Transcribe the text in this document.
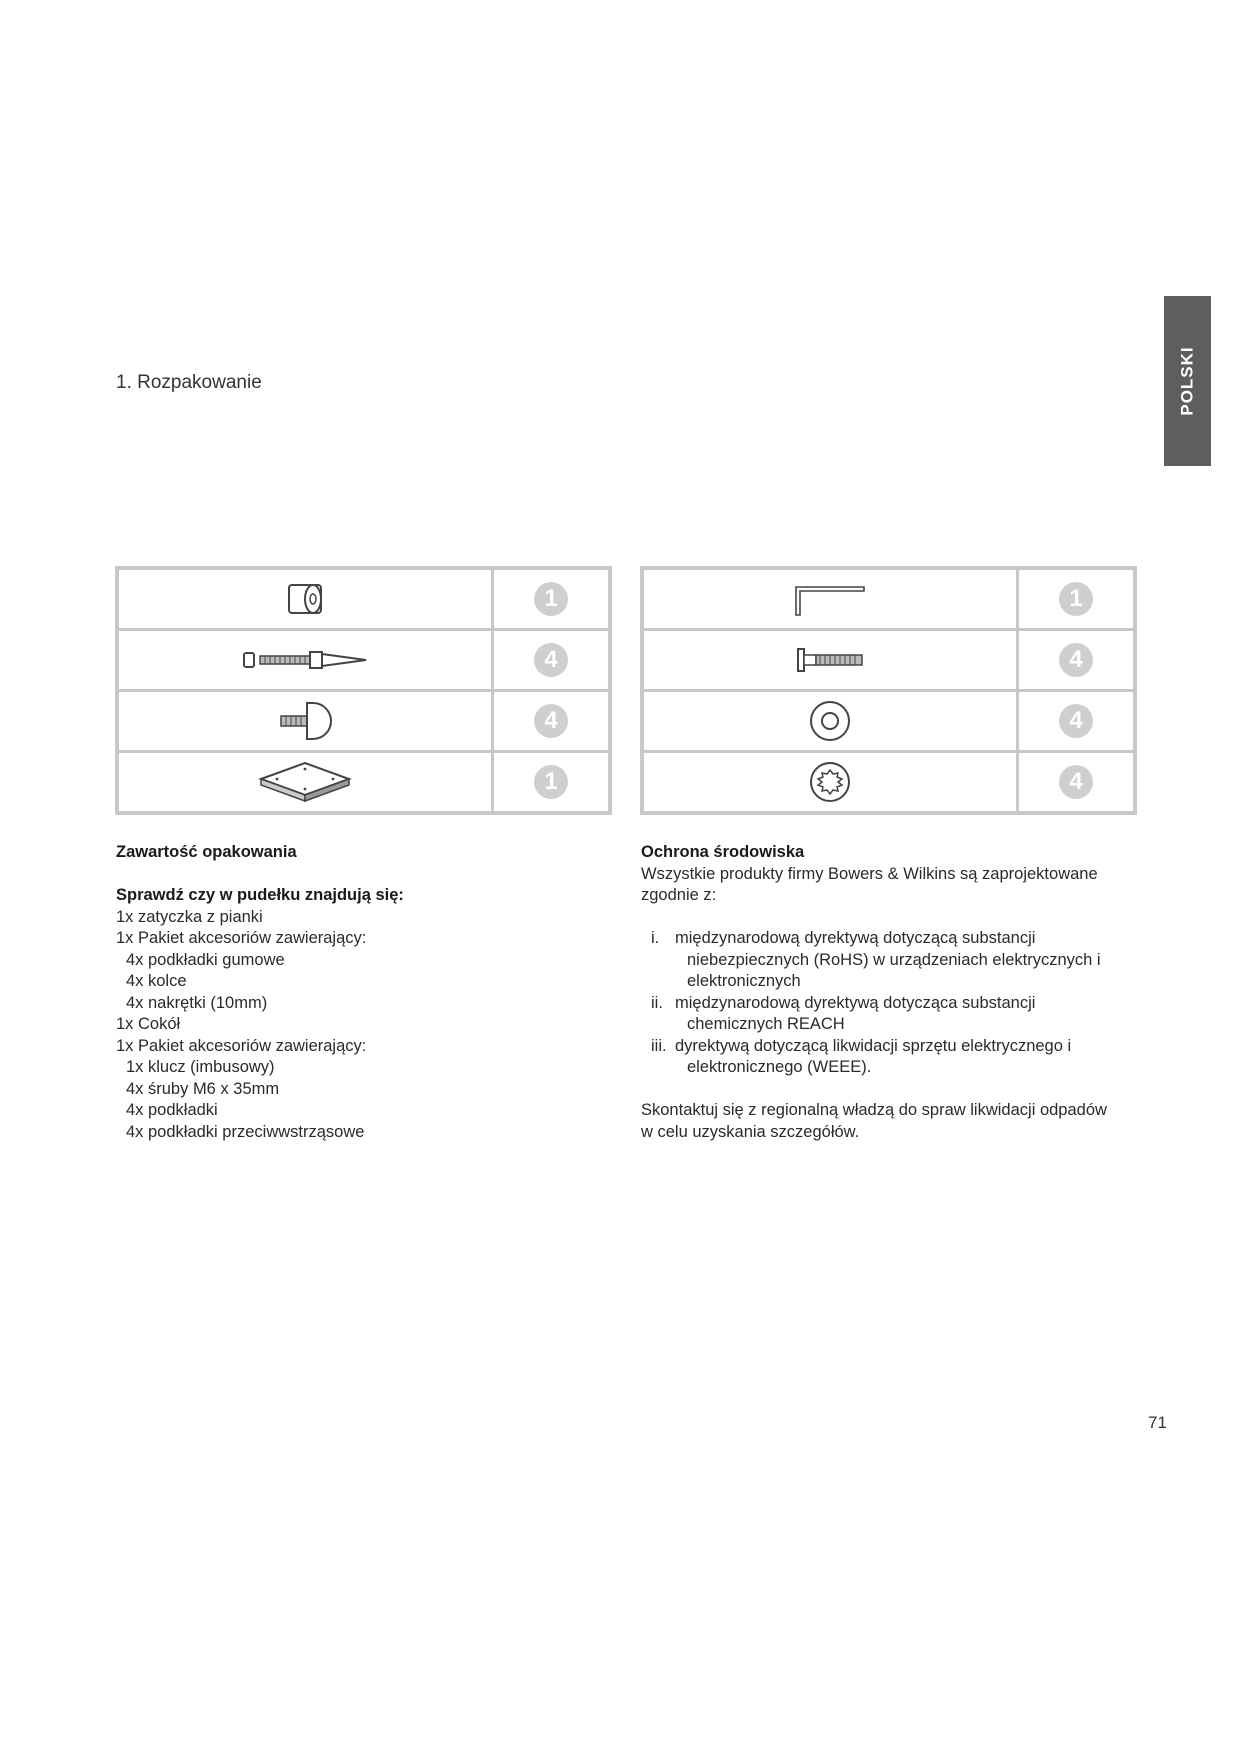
POLSKI
1. Rozpakowanie
	1

	4

	4

	1
	1

	4

	4

	4
Zawartość opakowania
Sprawdź czy w pudełku znajdują się:
1x zatyczka z pianki
1x Pakiet akcesoriów zawierający:
4x podkładki gumowe
4x kolce
4x nakrętki (10mm)
1x Cokół
1x Pakiet akcesoriów zawierający:
1x klucz (imbusowy)
4x śruby M6 x 35mm
4x podkładki
4x podkładki przeciwwstrząsowe
Ochrona środowiska
Wszystkie produkty firmy Bowers & Wilkins są zaprojektowane
zgodnie z:
i. międzynarodową dyrektywą dotyczącą substancji
niebezpiecznych (RoHS) w urządzeniach elektrycznych i
elektronicznych
ii. międzynarodową dyrektywą dotycząca substancji
chemicznych REACH
iii. dyrektywą dotyczącą likwidacji sprzętu elektrycznego i
elektronicznego (WEEE).
Skontaktuj się z regionalną władzą do spraw likwidacji odpadów
w celu uzyskania szczegółów.
71
